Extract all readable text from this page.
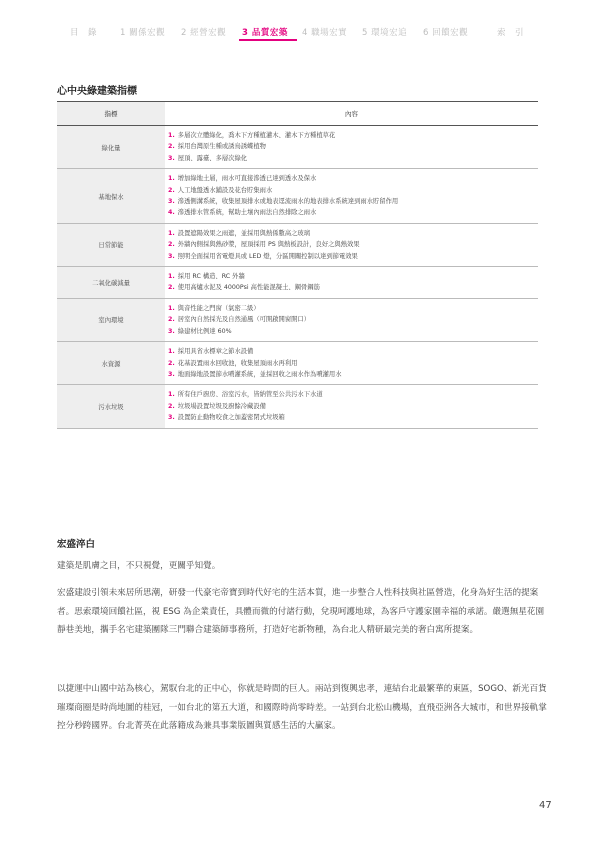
目　錄	1 關係宏觀 2 經營宏觀 3 品質宏築 4 職場宏實 5 環境宏追 6 回饋宏觀	索　引
心中央綠建築指標
指標	內容
綠化量	1. 多層次立體綠化，喬木下方種植灌木、灌木下方種植草花
2. 採用台灣原生種或誘鳥誘蝶植物
3. 屋頂、露臺、多層次綠化

基地保水	1. 增加綠地土層，雨水可直接滲透已達到透水及保水
2. 人工地盤透水鋪設及花台貯集雨水
3. 滲透側溝系統，收集屋頂排水或地表逕流雨水的地表排水系統達到雨水貯留作用
4. 滲透排水管系統，幫助土壤內雨法自然排除之雨水

日常節能	1. 設置遮陽效果之雨遮，並採用與熱係數高之玻璃
2. 外牆內側採與熱砂漿，屋頂採用 PS 與熱板設計，良好之與熱效果
3. 照明全面採用省電燈具或 LED 燈，分區開關控制以達到節電效果

二氧化碳減量	1. 採用 RC 構造、RC 外牆
2. 使用高爐水泥及 4000Psi 高性能混凝土、鋼骨鋼筋

室內環境	1. 與音性能之門窗（氣密二級）
2. 居室內自然採光及自然通風（可開啟開窗開口）
3. 綠建材比例達 60%

水資源	1. 採用具省水標章之節水設備
2. 花基設置雨水回收池，收集屋頂雨水再利用
3. 地面綠地設置節水噴灌系統，並採回收之雨水作為噴灌用水

污水垃圾	1. 所有住戶廚房、浴室污水，皆納管至公共污水下水道
2. 垃圾場設置垃圾及廚餘冷藏設備
3. 設置防止動物咬食之加蓋密閉式垃圾箱
宏盛淬白

建築是肌膚之目，不只視覺，更關乎知覺。

宏盛建設引領未來居所思潮，研發一代豪宅帝寶到時代好宅的生活本質，進一步整合人性科技與社區營造，化身為好生活的提案者。思索環境回饋社區，視 ESG 為企業責任，具體而微的付諸行動，兌現呵護地球，為客戶守護家園幸福的承諾。嚴選無星花園靜巷美地，攜手名宅建築團隊三門聯合建築師事務所，打造好宅新物種，為台北人精研最完美的奢白寓所提案。

以捷運中山國中站為核心，駕馭台北的正中心，你就是時間的巨人。兩站到復興忠孝，連結台北最繁華的東區，SOGO、新光百貨璀璨商圈是時尚地圖的桂冠，一如台北的第五大道，和國際時尚零時差。一站到台北松山機場，直飛亞洲各大城市，和世界接軌掌控分秒跨國界。台北菁英在此落籍成為兼具事業版圖與質感生活的大贏家。

47
